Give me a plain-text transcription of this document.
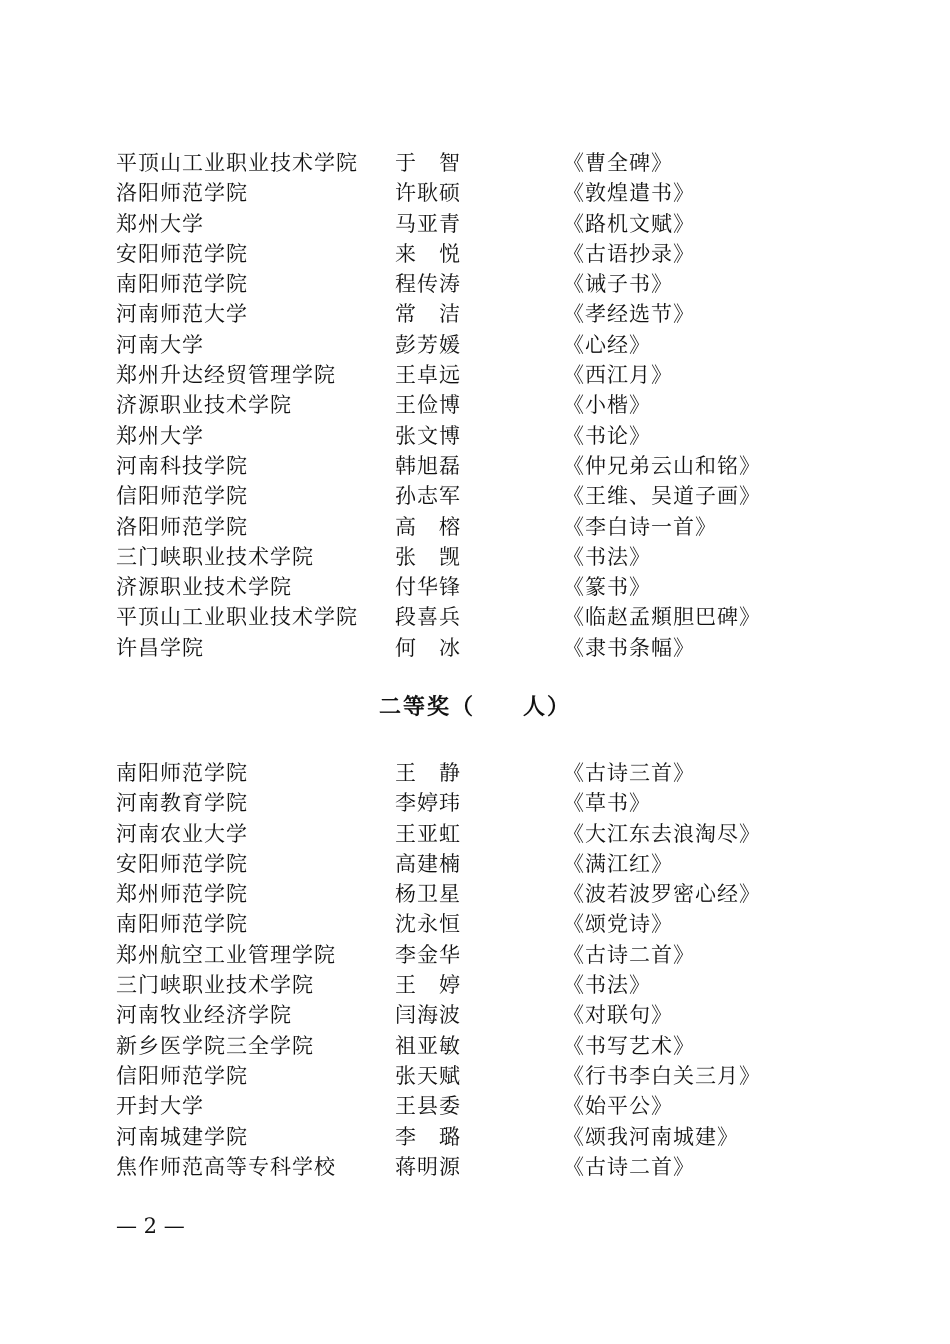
平顶山工业职业技术学院 于　智	《曹全碑》
洛阳师范学院	许耿硕	《敦煌遣书》
郑州大学	马亚青	《路机文赋》
安阳师范学院	来　悦	《古语抄录》
南阳师范学院	程传涛	《诫子书》
河南师范大学	常　洁	《孝经选节》
河南大学	彭芳媛	《心经》
郑州升达经贸管理学院	王卓远	《西江月》
济源职业技术学院	王俭博	《小楷》
郑州大学	张文博	《书论》
河南科技学院	韩旭磊	《仲兄弟云山和铭》
信阳师范学院	孙志军	《王维、吴道子画》
洛阳师范学院	高　榕	《李白诗一首》
三门峡职业技术学院	张　觊	《书法》
济源职业技术学院	付华锋	《篆书》
平顶山工业职业技术学院 段喜兵	《临赵孟頫胆巴碑》
许昌学院	何　冰	《隶书条幅》
二等奖（　　人）
南阳师范学院	王　静	《古诗三首》
河南教育学院	李婷玮	《草书》
河南农业大学	王亚虹	《大江东去浪淘尽》
安阳师范学院	高建楠	《满江红》
郑州师范学院	杨卫星	《波若波罗密心经》
南阳师范学院	沈永恒	《颂党诗》
郑州航空工业管理学院	李金华	《古诗二首》
三门峡职业技术学院	王　婷	《书法》
河南牧业经济学院	闫海波	《对联句》
新乡医学院三全学院	祖亚敏	《书写艺术》
信阳师范学院	张天赋	《行书李白关三月》
开封大学	王县委	《始平公》
河南城建学院	李　璐	《颂我河南城建》
焦作师范高等专科学校	蒋明源	《古诗二首》
— 2 —
